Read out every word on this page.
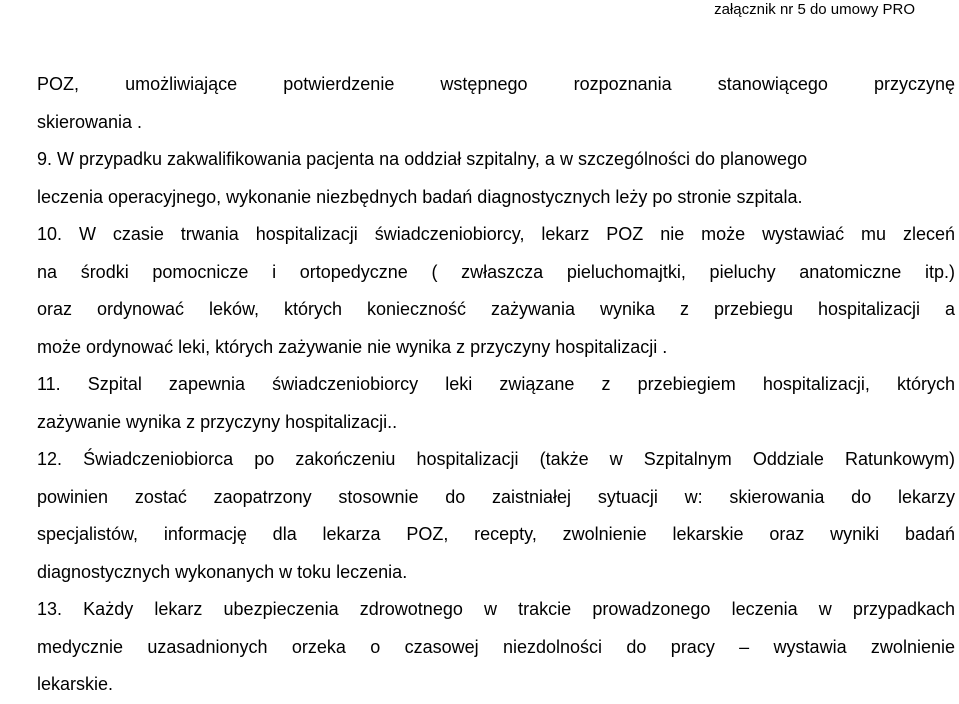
załącznik nr 5 do umowy PRO
POZ, umożliwiające potwierdzenie wstępnego rozpoznania stanowiącego przyczynę
skierowania .
9. W przypadku zakwalifikowania pacjenta na oddział szpitalny, a w szczególności do planowego
leczenia operacyjnego, wykonanie niezbędnych badań diagnostycznych leży po stronie szpitala.
10. W czasie trwania hospitalizacji świadczeniobiorcy, lekarz POZ nie może wystawiać mu zleceń
na środki pomocnicze i ortopedyczne ( zwłaszcza pieluchomajtki, pieluchy anatomiczne itp.)
oraz ordynować leków, których konieczność zażywania wynika z przebiegu hospitalizacji a
może ordynować leki, których zażywanie nie wynika z przyczyny hospitalizacji .
11. Szpital zapewnia świadczeniobiorcy leki związane z przebiegiem hospitalizacji, których
zażywanie wynika z przyczyny hospitalizacji..
12. Świadczeniobiorca po zakończeniu hospitalizacji (także w Szpitalnym Oddziale Ratunkowym)
powinien zostać zaopatrzony stosownie do zaistniałej sytuacji w: skierowania do lekarzy
specjalistów, informację dla lekarza POZ, recepty, zwolnienie lekarskie oraz wyniki badań
diagnostycznych wykonanych w toku leczenia.
13. Każdy lekarz ubezpieczenia zdrowotnego w trakcie prowadzonego leczenia w przypadkach
medycznie uzasadnionych orzeka o czasowej niezdolności do pracy – wystawia zwolnienie
lekarskie.
